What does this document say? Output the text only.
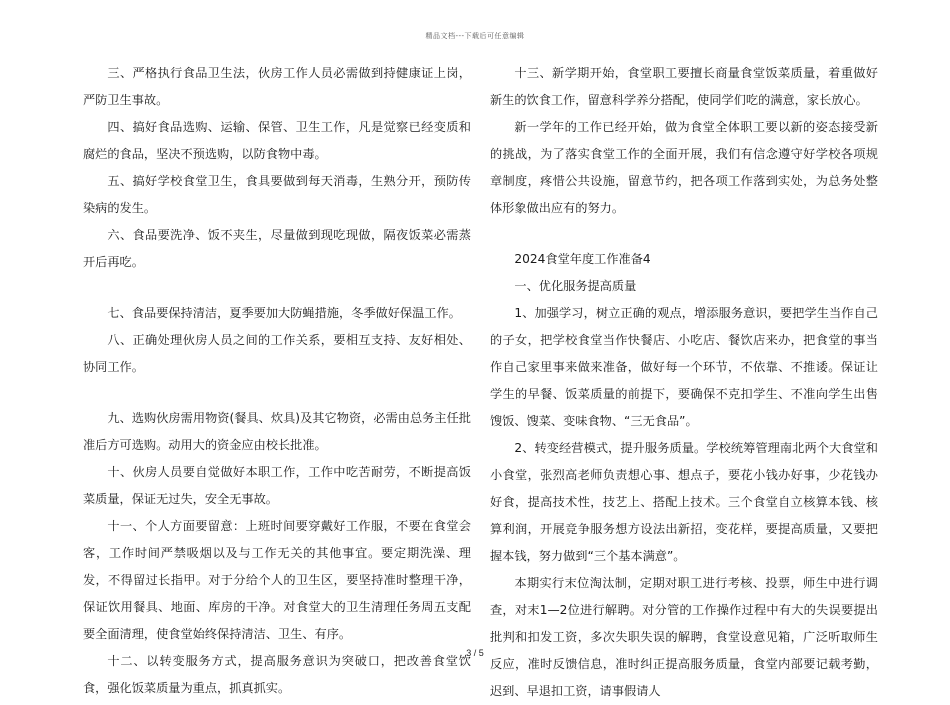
精品文档---下载后可任意编辑

三、严格执行食品卫生法，伙房工作人员必需做到持健康证上岗，严防卫生事故。

四、搞好食品选购、运输、保管、卫生工作，凡是觉察已经变质和腐烂的食品，坚决不预选购，以防食物中毒。

五、搞好学校食堂卫生，食具要做到每天消毒，生熟分开，预防传染病的发生。

六、食品要洗净、饭不夹生，尽量做到现吃现做，隔夜饭菜必需蒸开后再吃。

七、食品要保持清洁，夏季要加大防蝇措施，冬季做好保温工作。

八、正确处理伙房人员之间的工作关系，要相互支持、友好相处、协同工作。

九、选购伙房需用物资(餐具、炊具)及其它物资，必需由总务主任批准后方可选购。动用大的资金应由校长批准。

十、伙房人员要自觉做好本职工作，工作中吃苦耐劳，不断提高饭菜质量，保证无过失，安全无事故。

十一、个人方面要留意：上班时间要穿戴好工作服，不要在食堂会客，工作时间严禁吸烟以及与工作无关的其他事宜。要定期洗澡、理发，不得留过长指甲。对于分给个人的卫生区，要坚持准时整理干净，保证饮用餐具、地面、库房的干净。对食堂大的卫生清理任务周五支配要全面清理，使食堂始终保持清洁、卫生、有序。

十二、以转变服务方式，提高服务意识为突破口，把改善食堂饮食，强化饭菜质量为重点，抓真抓实。

十三、新学期开始，食堂职工要擅长商量食堂饭菜质量，着重做好新生的饮食工作，留意科学养分搭配，使同学们吃的满意，家长放心。

新一学年的工作已经开始，做为食堂全体职工要以新的姿态接受新的挑战，为了落实食堂工作的全面开展，我们有信念遵守好学校各项规章制度，疼惜公共设施，留意节约，把各项工作落到实处，为总务处整体形象做出应有的努力。

2024食堂年度工作准备4

一、优化服务提高质量

1、加强学习，树立正确的观点，增添服务意识，要把学生当作自己的子女，把学校食堂当作快餐店、小吃店、餐饮店来办，把食堂的事当作自己家里事来做来准备，做好每一个环节，不依靠、不推诿。保证让学生的早餐、饭菜质量的前提下，要确保不克扣学生、不准向学生出售馊饭、馊菜、变味食物、“三无食品”。

2、转变经营模式，提升服务质量。学校统筹管理南北两个大食堂和小食堂，张烈高老师负责想心事、想点子，要花小钱办好事，少花钱办好食，提高技术性，技艺上、搭配上技术。三个食堂自立核算本钱、核算利润，开展竞争服务想方设法出新招，变花样，要提高质量，又要把握本钱，努力做到“三个基本满意”。

本期实行末位淘汰制，定期对职工进行考核、投票，师生中进行调查，对末1—2位进行解聘。对分管的工作操作过程中有大的失误要提出批判和扣发工资，多次失职失误的解聘，食堂设意见箱，广泛听取师生反应，准时反馈信息，准时纠正提高服务质量，食堂内部要记载考勤，迟到、早退扣工资，请事假请人

3 / 5
